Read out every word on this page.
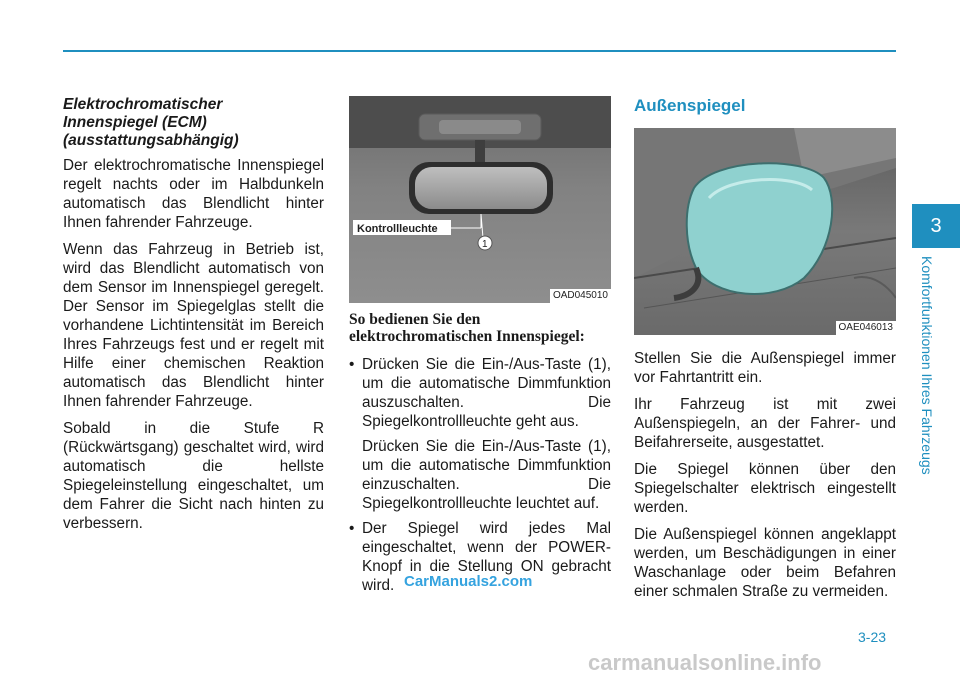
Elektrochromatischer
Innenspiegel (ECM)
(ausstattungsabhängig)

Der elektrochromatische Innenspiegel regelt nachts oder im Halbdunkeln automatisch das Blendlicht hinter Ihnen fahrender Fahrzeuge.

Wenn das Fahrzeug in Betrieb ist, wird das Blendlicht automatisch von dem Sensor im Innenspiegel geregelt. Der Sensor im Spiegelglas stellt die vorhandene Lichtintensität im Bereich Ihres Fahrzeugs fest und er regelt mit Hilfe einer chemischen Reaktion automatisch das Blendlicht hinter Ihnen fahrender Fahrzeuge.

Sobald in die Stufe R (Rückwärtsgang) geschaltet wird, wird automatisch die hellste Spiegeleinstellung eingeschaltet, um dem Fahrer die Sicht nach hinten zu verbessern.

Kontrollleuchte
1
OAD045010
So bedienen Sie den
elektrochromatischen Innenspiegel:

• Drücken Sie die Ein-/Aus-Taste (1), um die automatische Dimmfunktion auszuschalten. Die Spiegelkontrollleuchte geht aus.

Drücken Sie die Ein-/Aus-Taste (1), um die automatische Dimmfunktion einzuschalten. Die Spiegelkontrollleuchte leuchtet auf.

• Der Spiegel wird jedes Mal eingeschaltet, wenn der POWER-Knopf in die Stellung ON gebracht wird.

Außenspiegel
OAE046013

Stellen Sie die Außenspiegel immer vor Fahrtantritt ein.

Ihr Fahrzeug ist mit zwei Außenspiegeln, an der Fahrer- und Beifahrerseite, ausgestattet.

Die Spiegel können über den Spiegelschalter elektrisch eingestellt werden.

Die Außenspiegel können angeklappt werden, um Beschädigungen in einer Waschanlage oder beim Befahren einer schmalen Straße zu vermeiden.

3
Komfortfunktionen Ihres Fahrzeugs
3-23
CarManuals2.com
carmanualsonline.info
